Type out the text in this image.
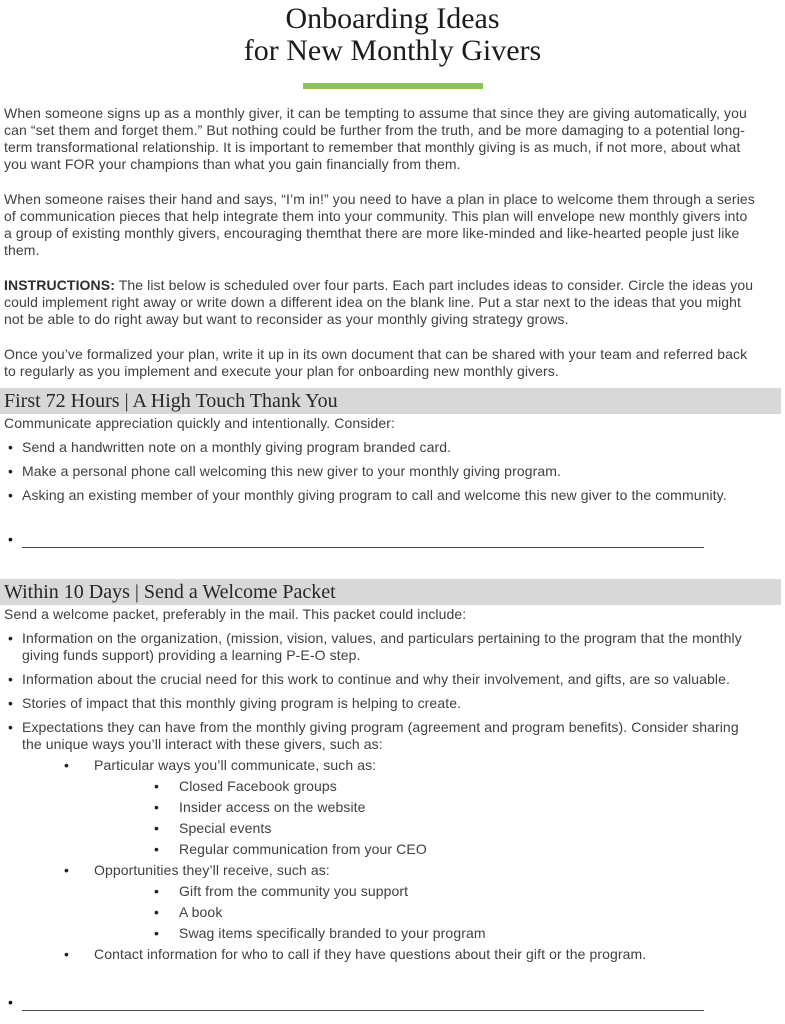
Onboarding Ideas
for New Monthly Givers

When someone signs up as a monthly giver, it can be tempting to assume that since they are giving automatically, you can “set them and forget them.” But nothing could be further from the truth, and be more damaging to a potential long-term transformational relationship. It is important to remember that monthly giving is as much, if not more, about what you want FOR your champions than what you gain financially from them.

When someone raises their hand and says, “I’m in!” you need to have a plan in place to welcome them through a series of communication pieces that help integrate them into your community. This plan will envelope new monthly givers into a group of existing monthly givers, encouraging themthat there are more like-minded and like-hearted people just like them.

INSTRUCTIONS: The list below is scheduled over four parts. Each part includes ideas to consider. Circle the ideas you could implement right away or write down a different idea on the blank line. Put a star next to the ideas that you might not be able to do right away but want to reconsider as your monthly giving strategy grows.

Once you’ve formalized your plan, write it up in its own document that can be shared with your team and referred back to regularly as you implement and execute your plan for onboarding new monthly givers.

First 72 Hours | A High Touch Thank You
Communicate appreciation quickly and intentionally. Consider:
• Send a handwritten note on a monthly giving program branded card.
• Make a personal phone call welcoming this new giver to your monthly giving program.
• Asking an existing member of your monthly giving program to call and welcome this new giver to the community.
•
Within 10 Days | Send a Welcome Packet
Send a welcome packet, preferably in the mail. This packet could include:
• Information on the organization, (mission, vision, values, and particulars pertaining to the program that the monthly giving funds support) providing a learning P-E-O step.
• Information about the crucial need for this work to continue and why their involvement, and gifts, are so valuable.
• Stories of impact that this monthly giving program is helping to create.
• Expectations they can have from the monthly giving program (agreement and program benefits). Consider sharing the unique ways you’ll interact with these givers, such as:
•	Particular ways you’ll communicate, such as:
•	Closed Facebook groups
•	Insider access on the website
•	Special events
•	Regular communication from your CEO
•	Opportunities they’ll receive, such as:
•	Gift from the community you support
•	A book
•	Swag items specifically branded to your program
•	Contact information for who to call if they have questions about their gift or the program.
•
